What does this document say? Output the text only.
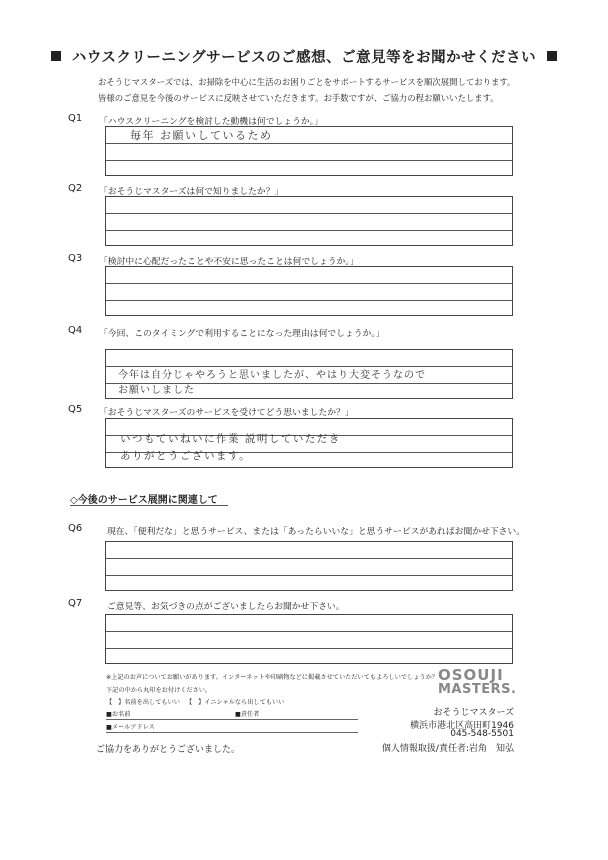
ハウスクリーニングサービスのご感想、ご意見等をお聞かせください
おそうじマスターズでは、お掃除を中心に生活のお困りごとをサポートするサービスを順次展開しております。
皆様のご意見を今後のサービスに反映させていただきます。お手数ですが、ご協力の程お願いいたします。
Q1 「ハウスクリーニングを検討した動機は何でしょうか。」
毎年 お願いしているため
Q2 「おそうじマスターズは何で知りましたか？」
Q3 「検討中に心配だったことや不安に思ったことは何でしょうか。」
Q4 「今回、このタイミングで利用することになった理由は何でしょうか。」
今年は自分じゃやろうと思いましたが、やはり大変そうなので
お願いしました
Q5 「おそうじマスターズのサービスを受けてどう思いましたか？」
いつもていねいに作業 説明していただき
ありがとうございます。
◇今後のサービス展開に関連して
Q6	現在、「便利だな」と思うサービス、または「あったらいいな」と思うサービスがあればお聞かせ下さい。
Q7	ご意見等、お気づきの点がございましたらお聞かせ下さい。
※上記のお声についてお願いがあります。インターネットや印刷物などに掲載させていただいてもよろしいでしょうか？
下記の中から丸印をお付けください。
【   】名前を出してもいい 【   】イニシャルなら出してもいい
■お名前	■責任者
■メールアドレス
ご協力をありがとうございました。
OSOUJI
MASTERS.
おそうじマスターズ
横浜市港北区高田町1946
045-548-5501
個人情報取扱/責任者:岩角　知弘
